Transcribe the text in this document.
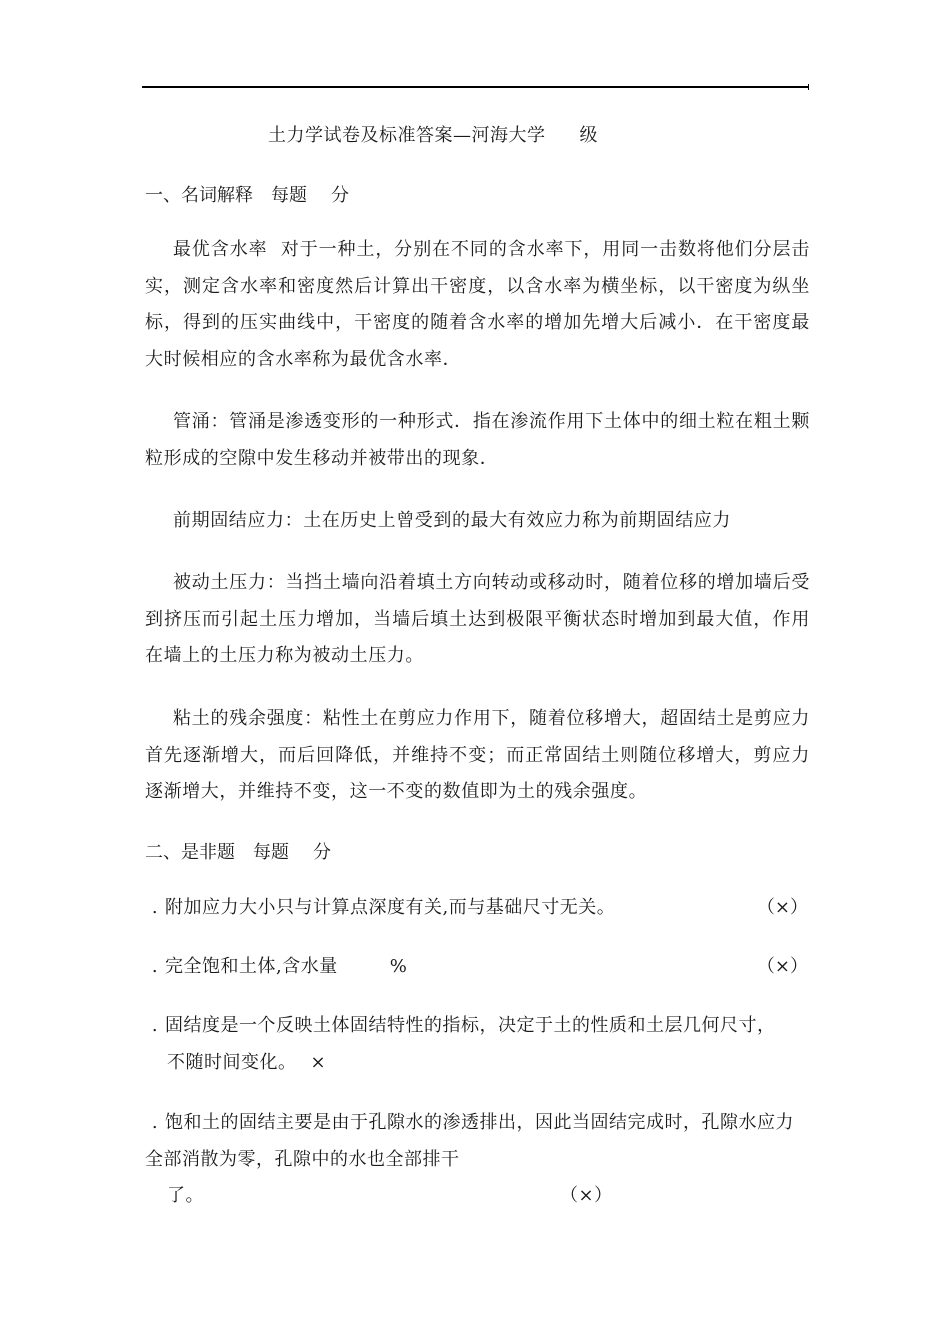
土力学试卷及标准答案—河海大学 级
一、名词解释 每题 分
最优含水率 对于一种土，分别在不同的含水率下，用同一击数将他们分层击实，测定含水率和密度然后计算出干密度，以含水率为横坐标，以干密度为纵坐标，得到的压实曲线中，干密度的随着含水率的增加先增大后减小．在干密度最大时候相应的含水率称为最优含水率．
管涌：管涌是渗透变形的一种形式．指在渗流作用下土体中的细土粒在粗土颗粒形成的空隙中发生移动并被带出的现象．
前期固结应力：土在历史上曾受到的最大有效应力称为前期固结应力
被动土压力：当挡土墙向沿着填土方向转动或移动时，随着位移的增加墙后受到挤压而引起土压力增加，当墙后填土达到极限平衡状态时增加到最大值，作用在墙上的土压力称为被动土压力。
粘土的残余强度：粘性土在剪应力作用下，随着位移增大，超固结土是剪应力首先逐渐增大，而后回降低，并维持不变；而正常固结土则随位移增大，剪应力逐渐增大，并维持不变，这一不变的数值即为土的残余强度。
二、是非题 每题 分
. 附加应力大小只与计算点深度有关,而与基础尺寸无关。	（×）
. 完全饱和土体,含水量	%	（×）
. 固结度是一个反映土体固结特性的指标，决定于土的性质和土层几何尺寸，
不随时间变化。 ×
. 饱和土的固结主要是由于孔隙水的渗透排出，因此当固结完成时，孔隙水应力全部消散为零，孔隙中的水也全部排干
了。	（×）
